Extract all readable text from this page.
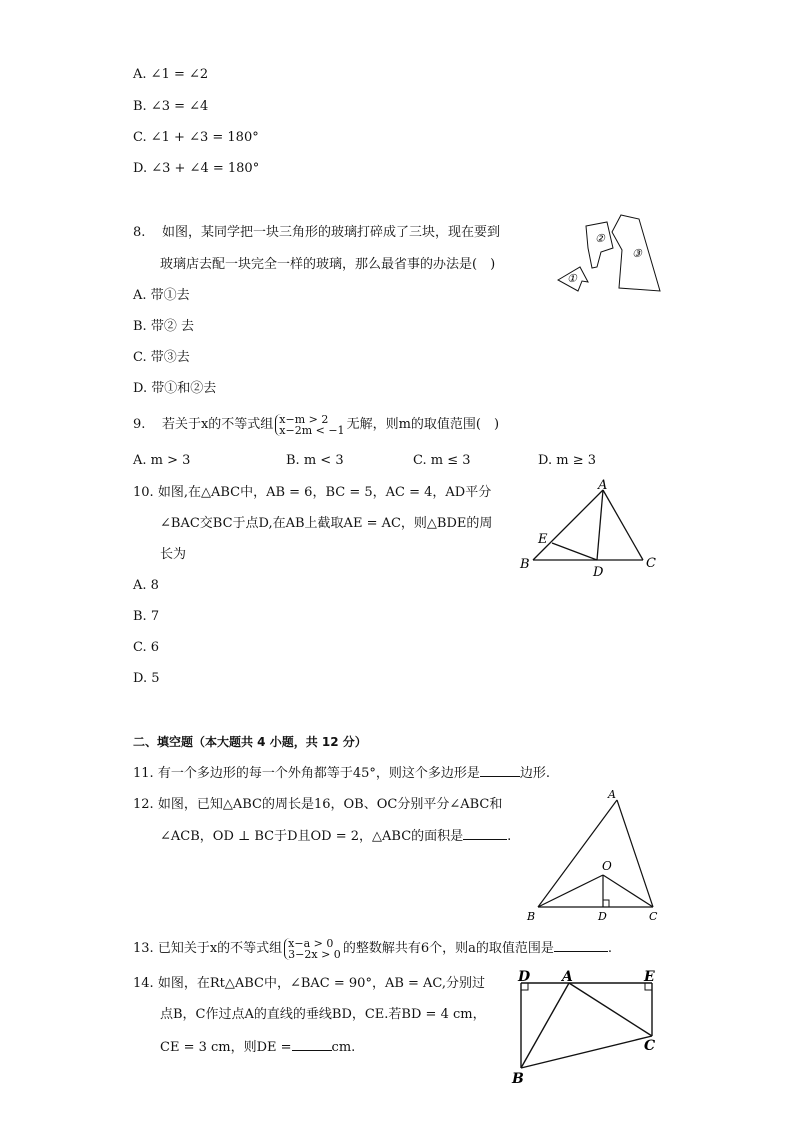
A. ∠1 = ∠2
B. ∠3 = ∠4
C. ∠1 + ∠3 = 180°
D. ∠3 + ∠4 = 180°
8. 如图，某同学把一块三角形的玻璃打碎成了三块，现在要到
玻璃店去配一块完全一样的玻璃，那么最省事的办法是(　)
②
③
①
A. 带①去
B. 带② 去
C. 带③去
D. 带①和②去
9. 若关于x的不等式组 x−m > 2
x−2m < −1 无解，则m的取值范围(　)
A. m > 3	B. m < 3	C. m ≤ 3	D. m ≥ 3
10. 如图,在△ABC中，AB = 6，BC = 5，AC = 4，AD平分
∠BAC交BC于点D,在AB上截取AE = AC，则△BDE的周
长为
A
B	C
D
E
A. 8
B. 7
C. 6
D. 5
二、填空题（本大题共 4 小题，共 12 分）
11. 有一个多边形的每一个外角都等于45°，则这个多边形是	边形.
12. 如图，已知△ABC的周长是16，OB、OC分别平分∠ABC和
∠ACB，OD ⊥ BC于D且OD = 2，△ABC的面积是	.
A
B	C
D
O
13. 已知关于x的不等式组 x−a > 0
3−2x > 0 的整数解共有6个，则a的取值范围是	.
14. 如图，在Rt△ABC中，∠BAC = 90°，AB = AC,分别过
点B，C作过点A的直线的垂线BD，CE.若BD = 4 cm，
CE = 3 cm，则DE =	cm.
D A	E
C
B
